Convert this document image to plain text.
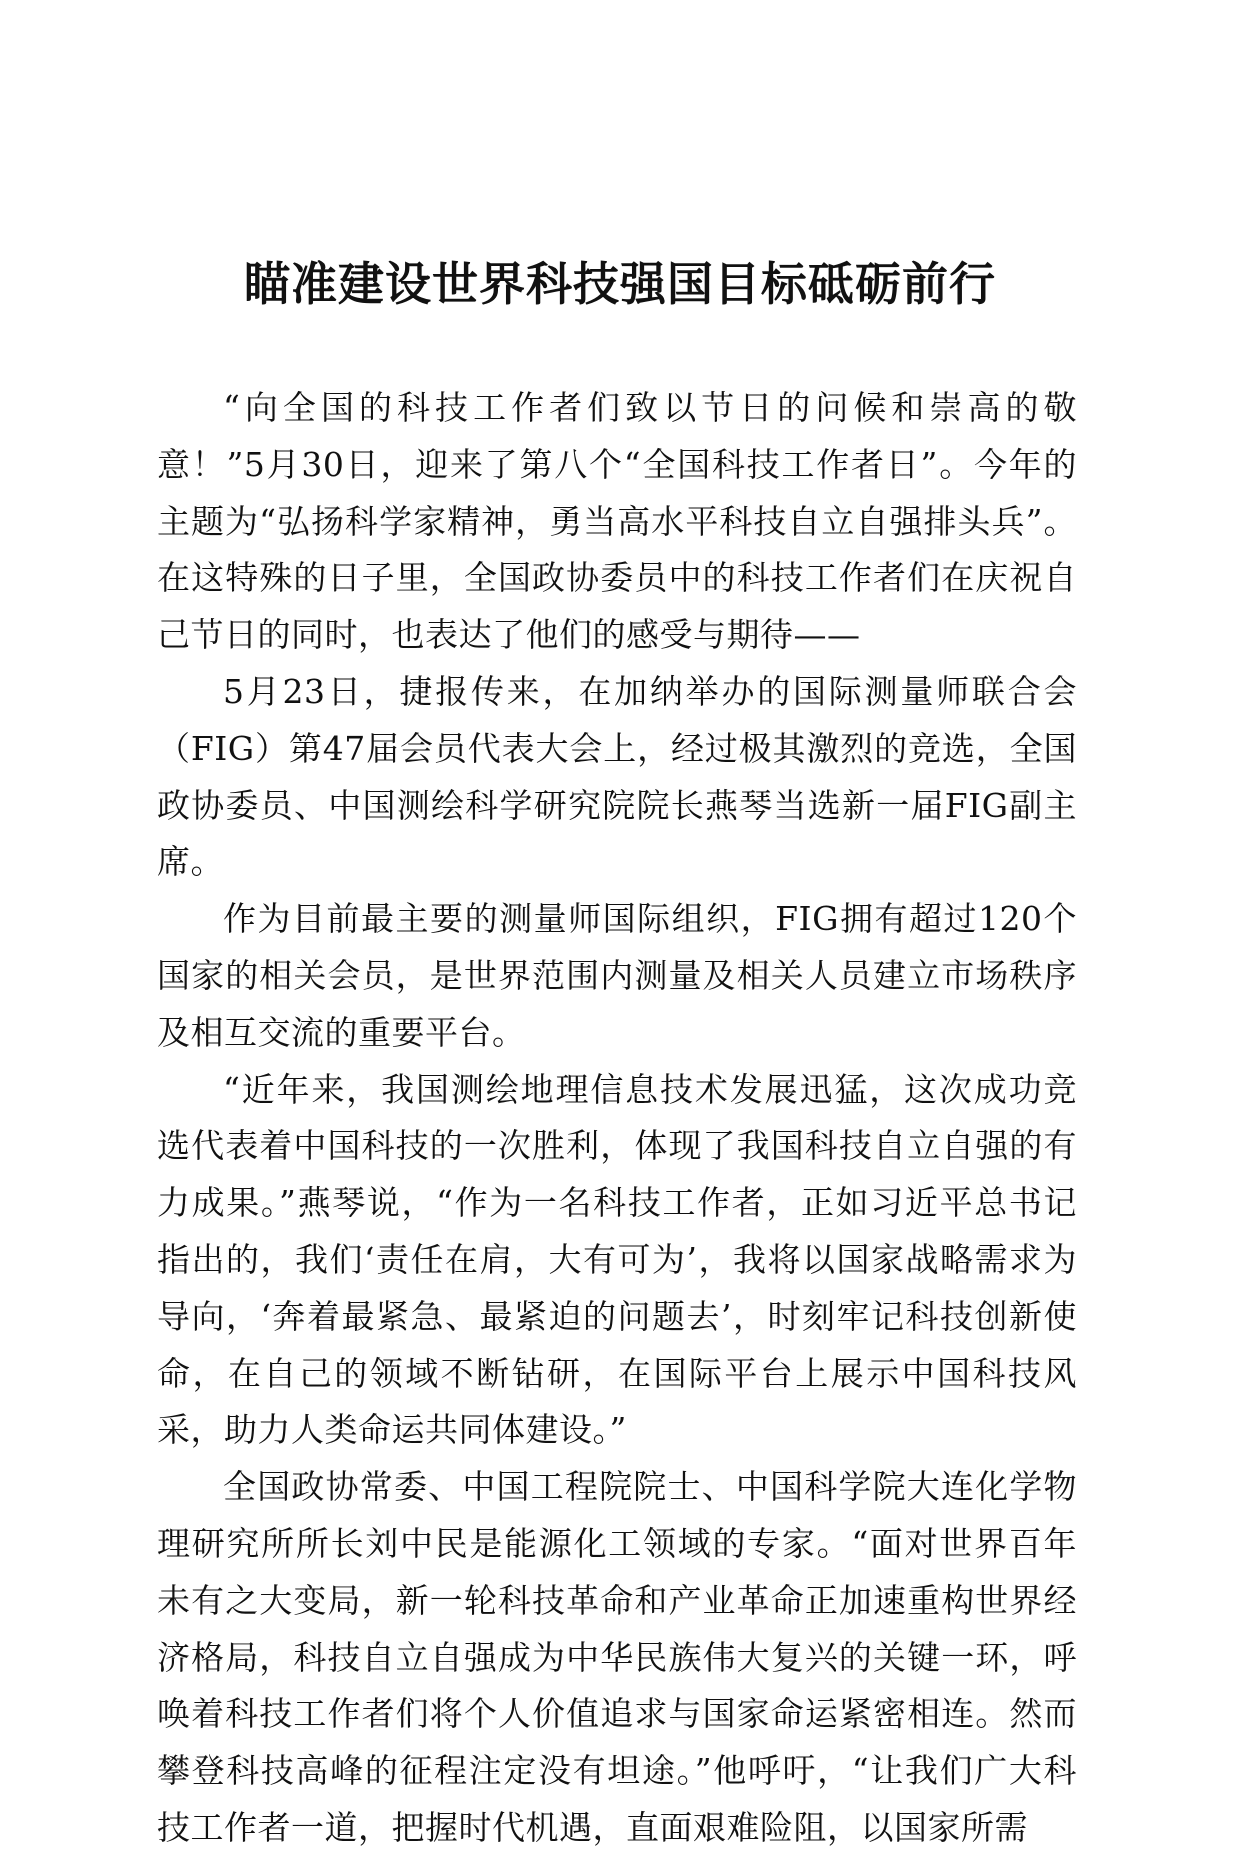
瞄准建设世界科技强国目标砥砺前行

“向全国的科技工作者们致以节日的问候和崇高的敬意！”5月30日，迎来了第八个“全国科技工作者日”。今年的主题为“弘扬科学家精神，勇当高水平科技自立自强排头兵”。在这特殊的日子里，全国政协委员中的科技工作者们在庆祝自己节日的同时，也表达了他们的感受与期待——

5月23日，捷报传来，在加纳举办的国际测量师联合会（FIG）第47届会员代表大会上，经过极其激烈的竞选，全国政协委员、中国测绘科学研究院院长燕琴当选新一届FIG副主席。

作为目前最主要的测量师国际组织，FIG拥有超过120个国家的相关会员，是世界范围内测量及相关人员建立市场秩序及相互交流的重要平台。

“近年来，我国测绘地理信息技术发展迅猛，这次成功竞选代表着中国科技的一次胜利，体现了我国科技自立自强的有力成果。”燕琴说，“作为一名科技工作者，正如习近平总书记指出的，我们‘责任在肩，大有可为’，我将以国家战略需求为导向，‘奔着最紧急、最紧迫的问题去’，时刻牢记科技创新使命，在自己的领域不断钻研，在国际平台上展示中国科技风采，助力人类命运共同体建设。”

全国政协常委、中国工程院院士、中国科学院大连化学物理研究所所长刘中民是能源化工领域的专家。“面对世界百年未有之大变局，新一轮科技革命和产业革命正加速重构世界经济格局，科技自立自强成为中华民族伟大复兴的关键一环，呼唤着科技工作者们将个人价值追求与国家命运紧密相连。然而攀登科技高峰的征程注定没有坦途。”他呼吁，“让我们广大科技工作者一道，把握时代机遇，直面艰难险阻，以国家所需
